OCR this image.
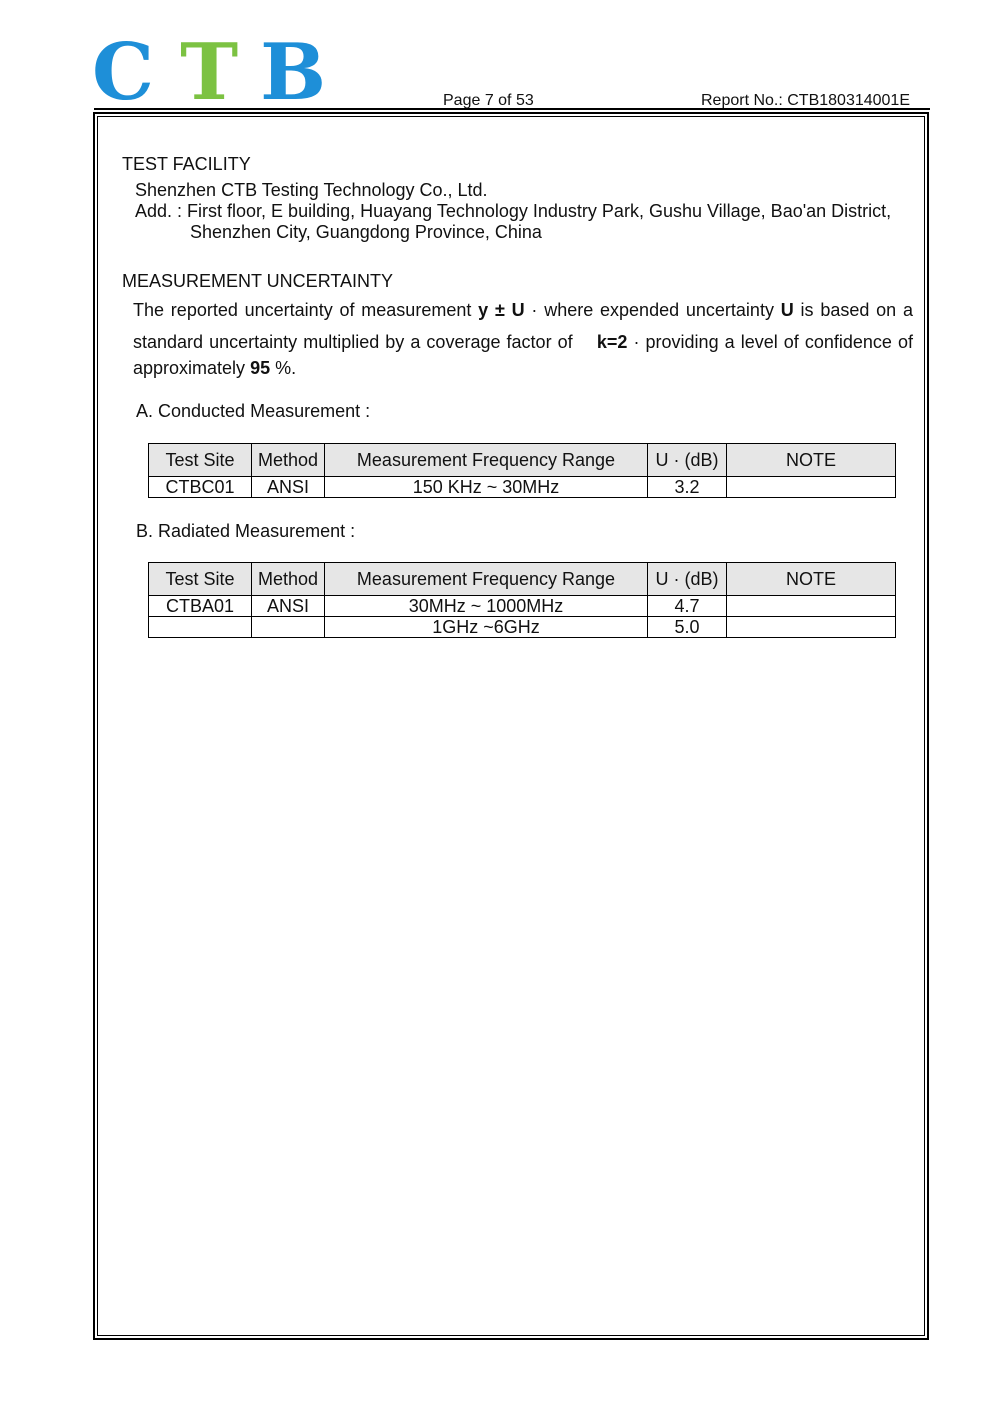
C T B	Page 7 of 53	Report No.: CTB180314001E
TEST FACILITY
Shenzhen CTB Testing Technology Co., Ltd.
Add. : First floor, E building, Huayang Technology Industry Park, Gushu Village, Bao'an District,
Shenzhen City, Guangdong Province, China
MEASUREMENT UNCERTAINTY
The reported uncertainty of measurement y ± U · where expended uncertainty U is based on a
standard uncertainty multiplied by a coverage factor of k=2 · providing a level of confidence of
approximately 95 %.
A. Conducted Measurement :
Test Site	Method	Measurement Frequency Range	U · (dB)	NOTE
CTBC01	ANSI	150 KHz ~ 30MHz	3.2	
B. Radiated Measurement :
Test Site	Method	Measurement Frequency Range	U · (dB)	NOTE
CTBA01	ANSI	30MHz ~ 1000MHz	4.7	
		1GHz ~6GHz	5.0	
